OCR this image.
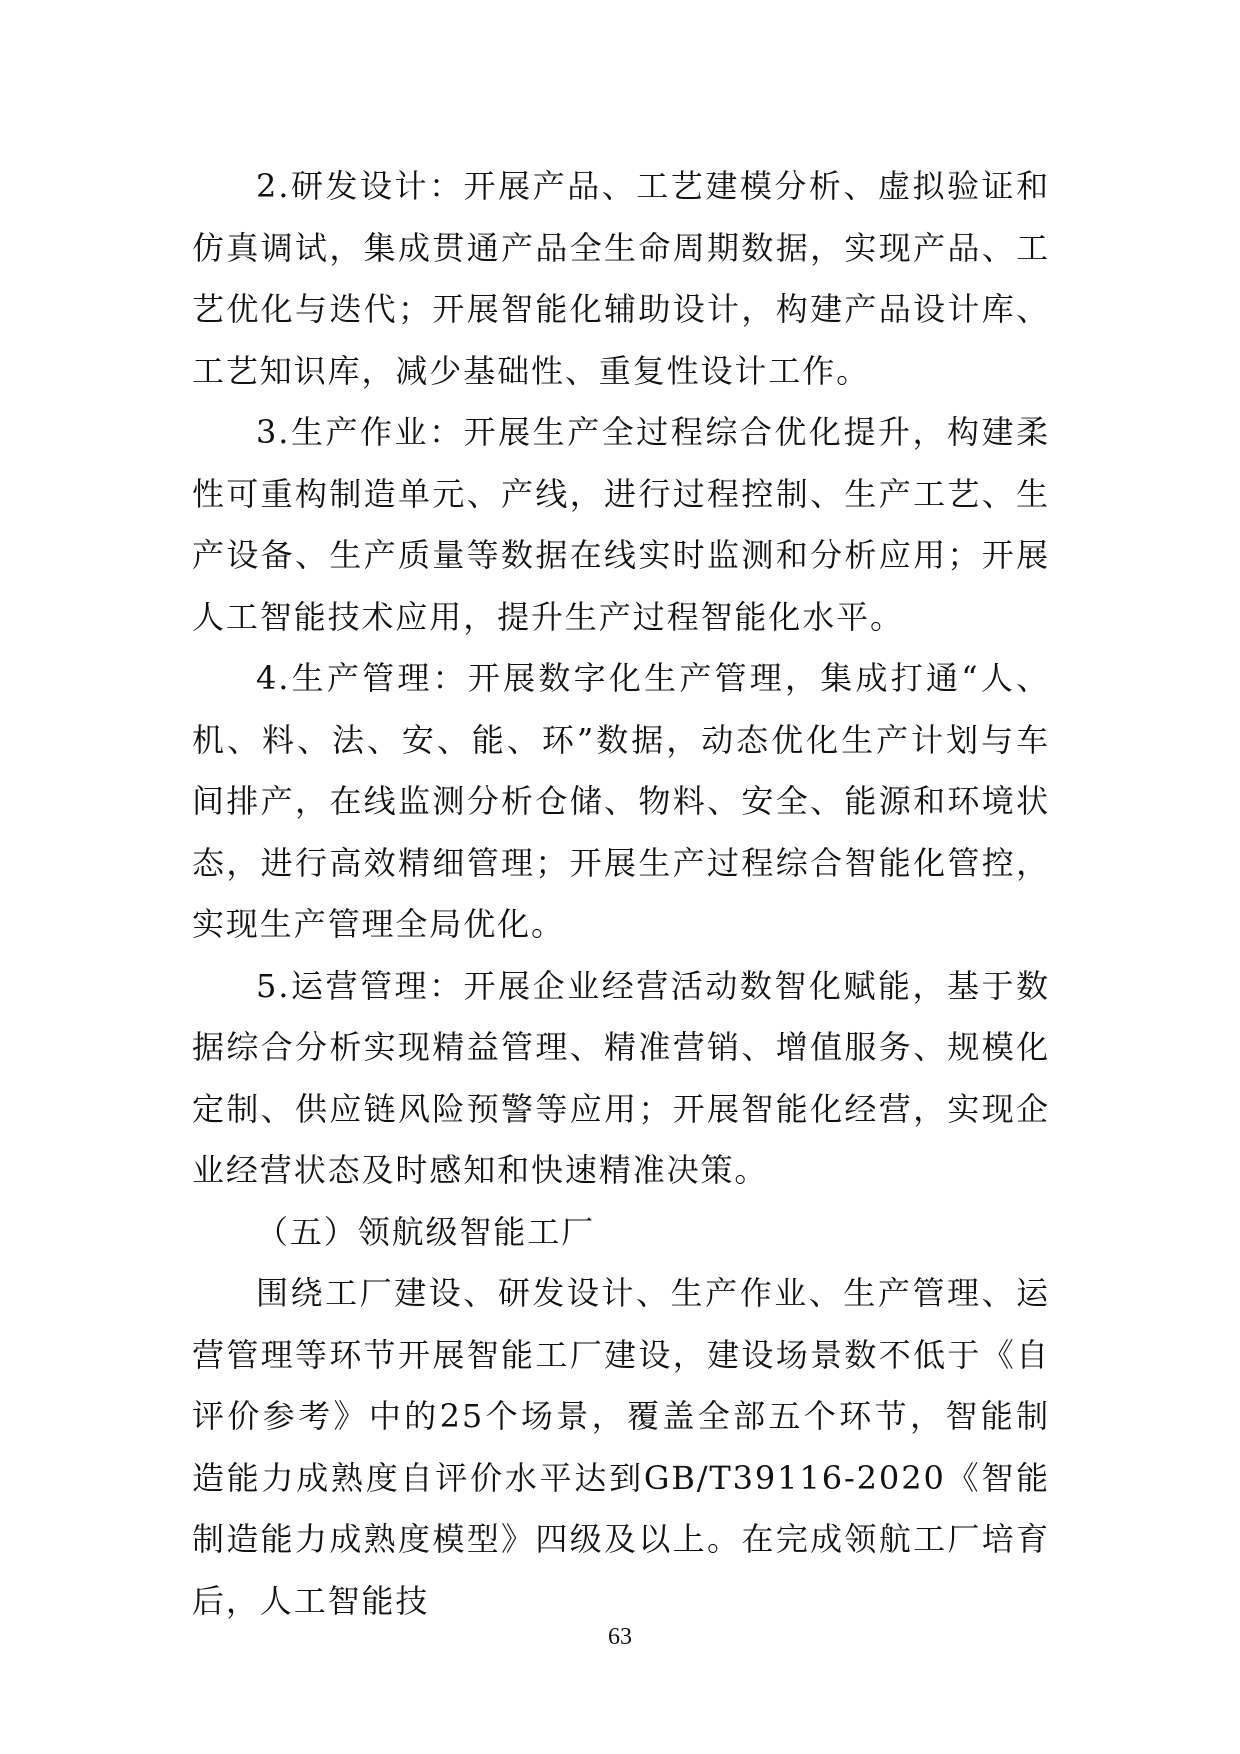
2.研发设计：开展产品、工艺建模分析、虚拟验证和仿真调试，集成贯通产品全生命周期数据，实现产品、工艺优化与迭代；开展智能化辅助设计，构建产品设计库、工艺知识库，减少基础性、重复性设计工作。

3.生产作业：开展生产全过程综合优化提升，构建柔性可重构制造单元、产线，进行过程控制、生产工艺、生产设备、生产质量等数据在线实时监测和分析应用；开展人工智能技术应用，提升生产过程智能化水平。

4.生产管理：开展数字化生产管理，集成打通“人、机、料、法、安、能、环”数据，动态优化生产计划与车间排产，在线监测分析仓储、物料、安全、能源和环境状态，进行高效精细管理；开展生产过程综合智能化管控，实现生产管理全局优化。

5.运营管理：开展企业经营活动数智化赋能，基于数据综合分析实现精益管理、精准营销、增值服务、规模化定制、供应链风险预警等应用；开展智能化经营，实现企业经营状态及时感知和快速精准决策。

（五）领航级智能工厂

围绕工厂建设、研发设计、生产作业、生产管理、运营管理等环节开展智能工厂建设，建设场景数不低于《自评价参考》中的25个场景，覆盖全部五个环节，智能制造能力成熟度自评价水平达到GB/T39116-2020《智能制造能力成熟度模型》四级及以上。在完成领航工厂培育后，人工智能技

63
